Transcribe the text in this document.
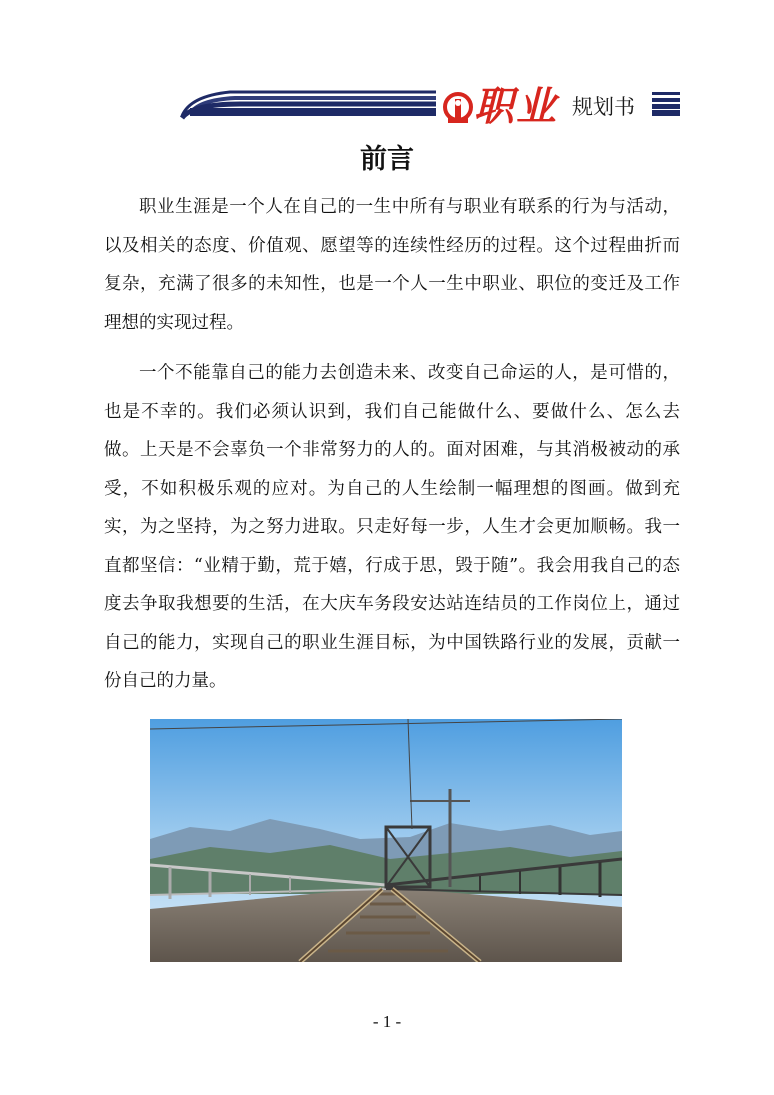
职业 规划书
前言

职业生涯是一个人在自己的一生中所有与职业有联系的行为与活动，以及相关的态度、价值观、愿望等的连续性经历的过程。这个过程曲折而复杂，充满了很多的未知性，也是一个人一生中职业、职位的变迁及工作理想的实现过程。

一个不能靠自己的能力去创造未来、改变自己命运的人，是可惜的，也是不幸的。我们必须认识到，我们自己能做什么、要做什么、怎么去做。上天是不会辜负一个非常努力的人的。面对困难，与其消极被动的承受，不如积极乐观的应对。为自己的人生绘制一幅理想的图画。做到充实，为之坚持，为之努力进取。只走好每一步，人生才会更加顺畅。我一直都坚信：“业精于勤，荒于嬉，行成于思，毁于随”。我会用我自己的态度去争取我想要的生活，在大庆车务段安达站连结员的工作岗位上，通过自己的能力，实现自己的职业生涯目标，为中国铁路行业的发展，贡献一份自己的力量。

- 1 -
